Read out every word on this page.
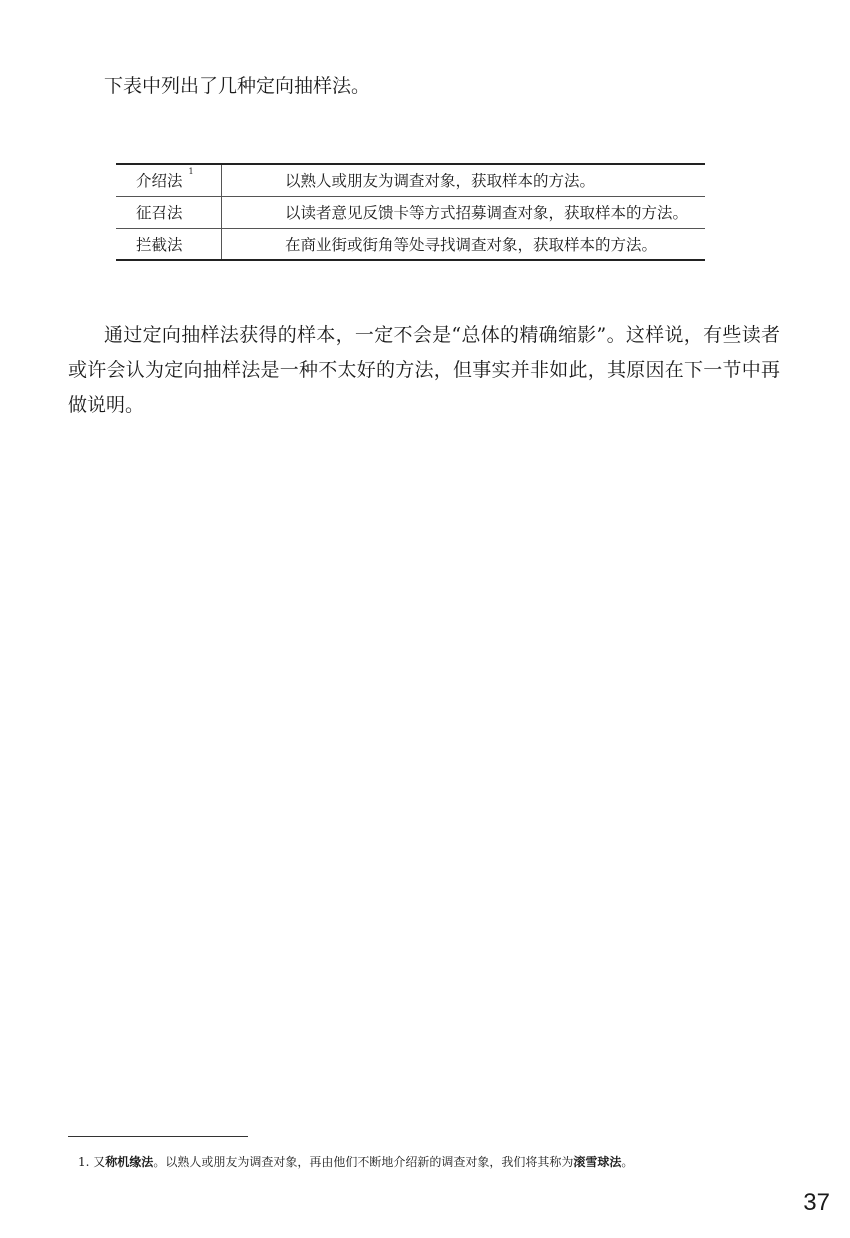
下表中列出了几种定向抽样法。

介绍法$^1$	以熟人或朋友为调查对象，获取样本的方法。
征召法	以读者意见反馈卡等方式招募调查对象，获取样本的方法。
拦截法	在商业街或街角等处寻找调查对象，获取样本的方法。

通过定向抽样法获得的样本，一定不会是“总体的精确缩影”。这样说，有些读者或许会认为定向抽样法是一种不太好的方法，但事实并非如此，其原因在下一节中再做说明。

1. 又称机缘法。以熟人或朋友为调查对象，再由他们不断地介绍新的调查对象，我们将其称为滚雪球法。

37
